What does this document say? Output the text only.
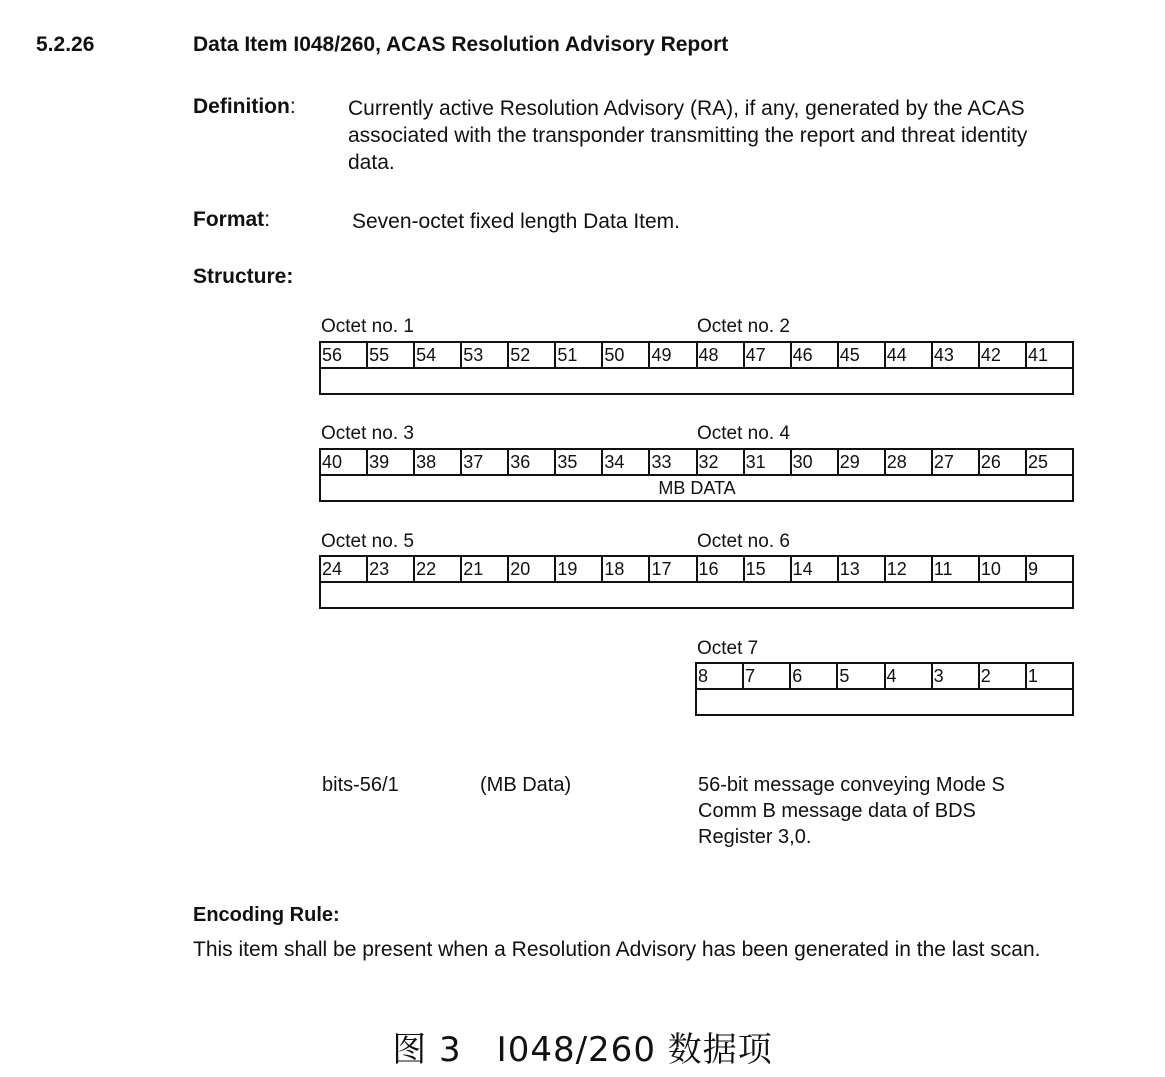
5.2.26	Data Item I048/260, ACAS Resolution Advisory Report
Definition: Currently active Resolution Advisory (RA), if any, generated by the ACAS associated with the transponder transmitting the report and threat identity data.
Format:	Seven-octet fixed length Data Item.
Structure:
Octet no. 1	Octet no. 2
56	55	54	53	52	51	50	49	48	47	46	45	44	43	42	41

Octet no. 3	Octet no. 4
40	39	38	37	36	35	34	33	32	31	30	29	28	27	26	25
MB DATA
Octet no. 5	Octet no. 6
24	23	22	21	20	19	18	17	16	15	14	13	12	11	10	9

Octet 7
8	7	6	5	4	3	2	1

bits-56/1	(MB Data)	56-bit message conveying Mode S
Comm B message data of BDS
Register 3,0.
Encoding Rule:
This item shall be present when a Resolution Advisory has been generated in the last scan.
图 3　I048/260 数据项
